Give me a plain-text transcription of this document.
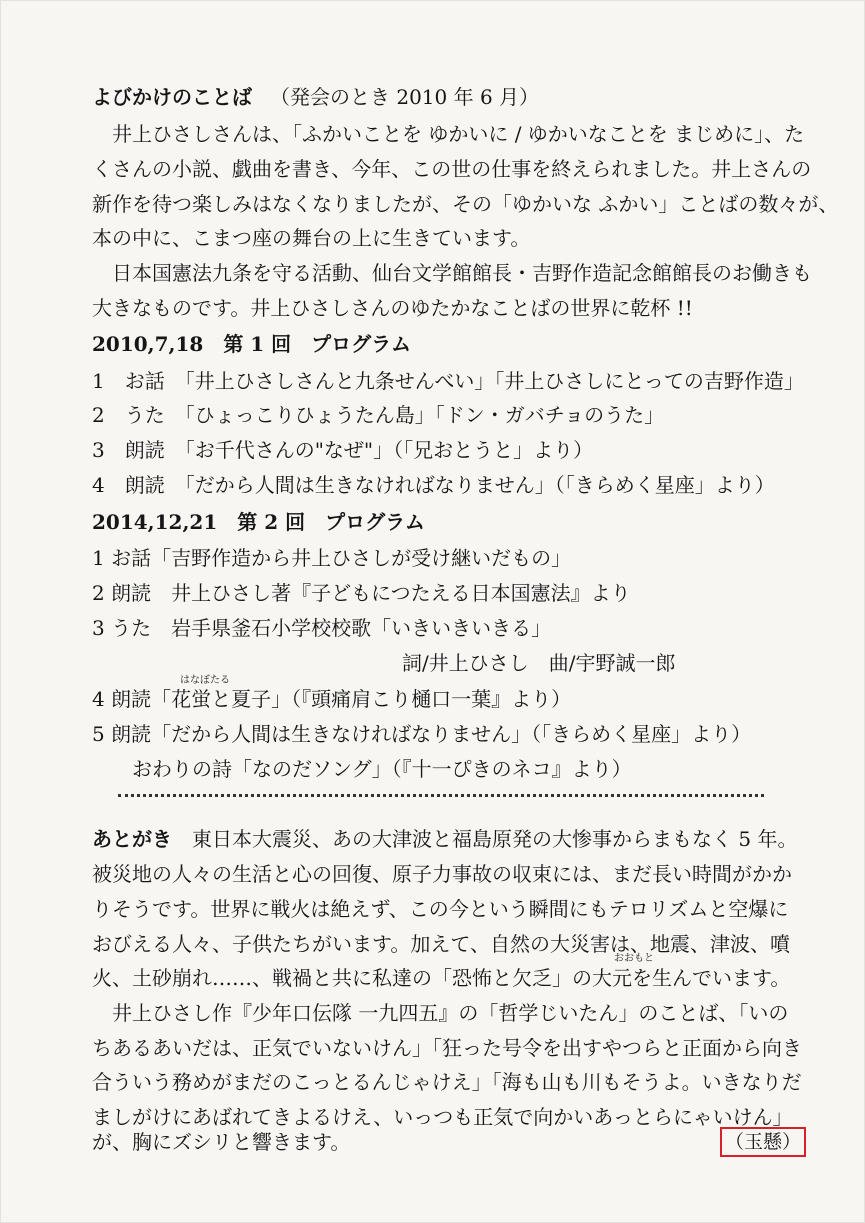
よびかけのことば （発会のとき 2010 年 6 月）
　井上ひさしさんは、「ふかいことを ゆかいに / ゆかいなことを まじめに」、た
くさんの小説、戯曲を書き、今年、この世の仕事を終えられました。井上さんの
新作を待つ楽しみはなくなりましたが、その「ゆかいな ふかい」ことばの数々が、
本の中に、こまつ座の舞台の上に生きています。
　日本国憲法九条を守る活動、仙台文学館館長・吉野作造記念館館長のお働きも
大きなものです。井上ひさしさんのゆたかなことばの世界に乾杯 !!
2010,7,18　第 1 回　プログラム
1　お話　「井上ひさしさんと九条せんべい」「井上ひさしにとっての吉野作造」
2　うた　「ひょっこりひょうたん島」「ドン・ガバチョのうた」
3　朗読　「お千代さんの"なぜ"」（「兄おとうと」より）
4　朗読　「だから人間は生きなければなりません」（「きらめく星座」より）
2014,12,21　第 2 回　プログラム
1 お話「吉野作造から井上ひさしが受け継いだもの」
2 朗読　井上ひさし著『子どもにつたえる日本国憲法』より
3 うた　岩手県釜石小学校校歌「いきいきいきる」
詞/井上ひさし　曲/宇野誠一郎
はなぼたる
4 朗読「花蛍と夏子」（『頭痛肩こり樋口一葉』より）
5 朗読「だから人間は生きなければなりません」（「きらめく星座」より）
おわりの詩「なのだソング」（『十一ぴきのネコ』より）
あとがき　東日本大震災、あの大津波と福島原発の大惨事からまもなく 5 年。
被災地の人々の生活と心の回復、原子力事故の収束には、まだ長い時間がかか
りそうです。世界に戦火は絶えず、この今という瞬間にもテロリズムと空爆に
おびえる人々、子供たちがいます。加えて、自然の大災害は、地震、津波、噴
おおもと
火、土砂崩れ……、戦禍と共に私達の「恐怖と欠乏」の大元を生んでいます。
　井上ひさし作『少年口伝隊 一九四五』の「哲学じいたん」のことば、「いの
ちあるあいだは、正気でいないけん」「狂った号令を出すやつらと正面から向き
合ういう務めがまだのこっとるんじゃけえ」「海も山も川もそうよ。いきなりだ
ましがけにあばれてきよるけえ、いっつも正気で向かいあっとらにゃいけん」
が、胸にズシリと響きます。	（玉懸）
